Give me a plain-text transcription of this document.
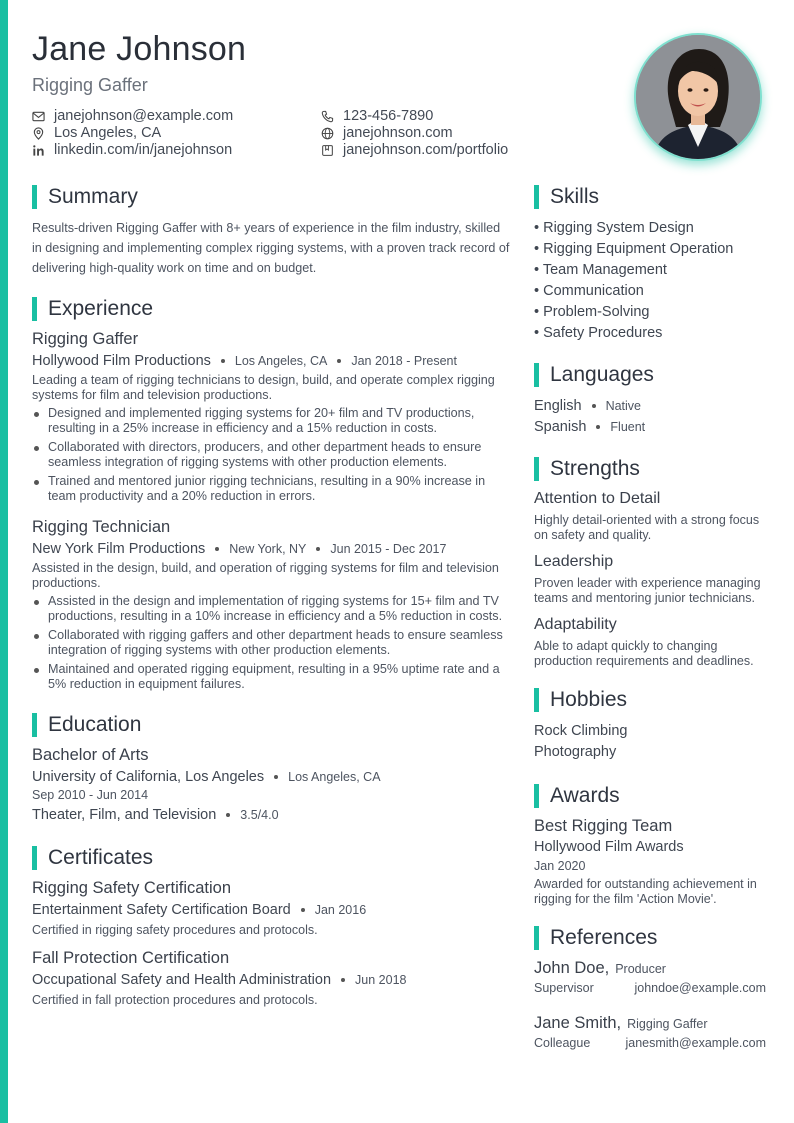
Jane Johnson
Rigging Gaffer
janejohnson@example.com	123-456-7890
Los Angeles, CA	janejohnson.com
linkedin.com/in/janejohnson	janejohnson.com/portfolio
Summary

Results-driven Rigging Gaffer with 8+ years of experience in the film industry, skilled in designing and implementing complex rigging systems, with a proven track record of delivering high-quality work on time and on budget.

Experience
Rigging Gaffer
Hollywood Film Productions Los Angeles, CA Jan 2018 - Present
Leading a team of rigging technicians to design, build, and operate complex rigging systems for film and television productions.
Designed and implemented rigging systems for 20+ film and TV productions, resulting in a 25% increase in efficiency and a 15% reduction in costs.
Collaborated with directors, producers, and other department heads to ensure seamless integration of rigging systems with other production elements.
Trained and mentored junior rigging technicians, resulting in a 90% increase in team productivity and a 20% reduction in errors.
Rigging Technician
New York Film Productions New York, NY Jun 2015 - Dec 2017
Assisted in the design, build, and operation of rigging systems for film and television productions.
Assisted in the design and implementation of rigging systems for 15+ film and TV productions, resulting in a 10% increase in efficiency and a 5% reduction in costs.
Collaborated with rigging gaffers and other department heads to ensure seamless integration of rigging systems with other production elements.
Maintained and operated rigging equipment, resulting in a 95% uptime rate and a 5% reduction in equipment failures.
Education
Bachelor of Arts
University of California, Los Angeles Los Angeles, CA
Sep 2010 - Jun 2014
Theater, Film, and Television 3.5/4.0
Certificates
Rigging Safety Certification
Entertainment Safety Certification Board Jan 2016
Certified in rigging safety procedures and protocols.
Fall Protection Certification
Occupational Safety and Health Administration Jun 2018
Certified in fall protection procedures and protocols.
Skills
• Rigging System Design
• Rigging Equipment Operation
• Team Management
• Communication
• Problem-Solving
• Safety Procedures
Languages
English Native
Spanish Fluent
Strengths
Attention to Detail
Highly detail-oriented with a strong focus on safety and quality.
Leadership
Proven leader with experience managing teams and mentoring junior technicians.
Adaptability
Able to adapt quickly to changing production requirements and deadlines.
Hobbies
Rock Climbing
Photography
Awards
Best Rigging Team
Hollywood Film Awards
Jan 2020
Awarded for outstanding achievement in rigging for the film 'Action Movie'.
References
John Doe, Producer
Supervisor	johndoe@example.com
Jane Smith, Rigging Gaffer
Colleague	janesmith@example.com
